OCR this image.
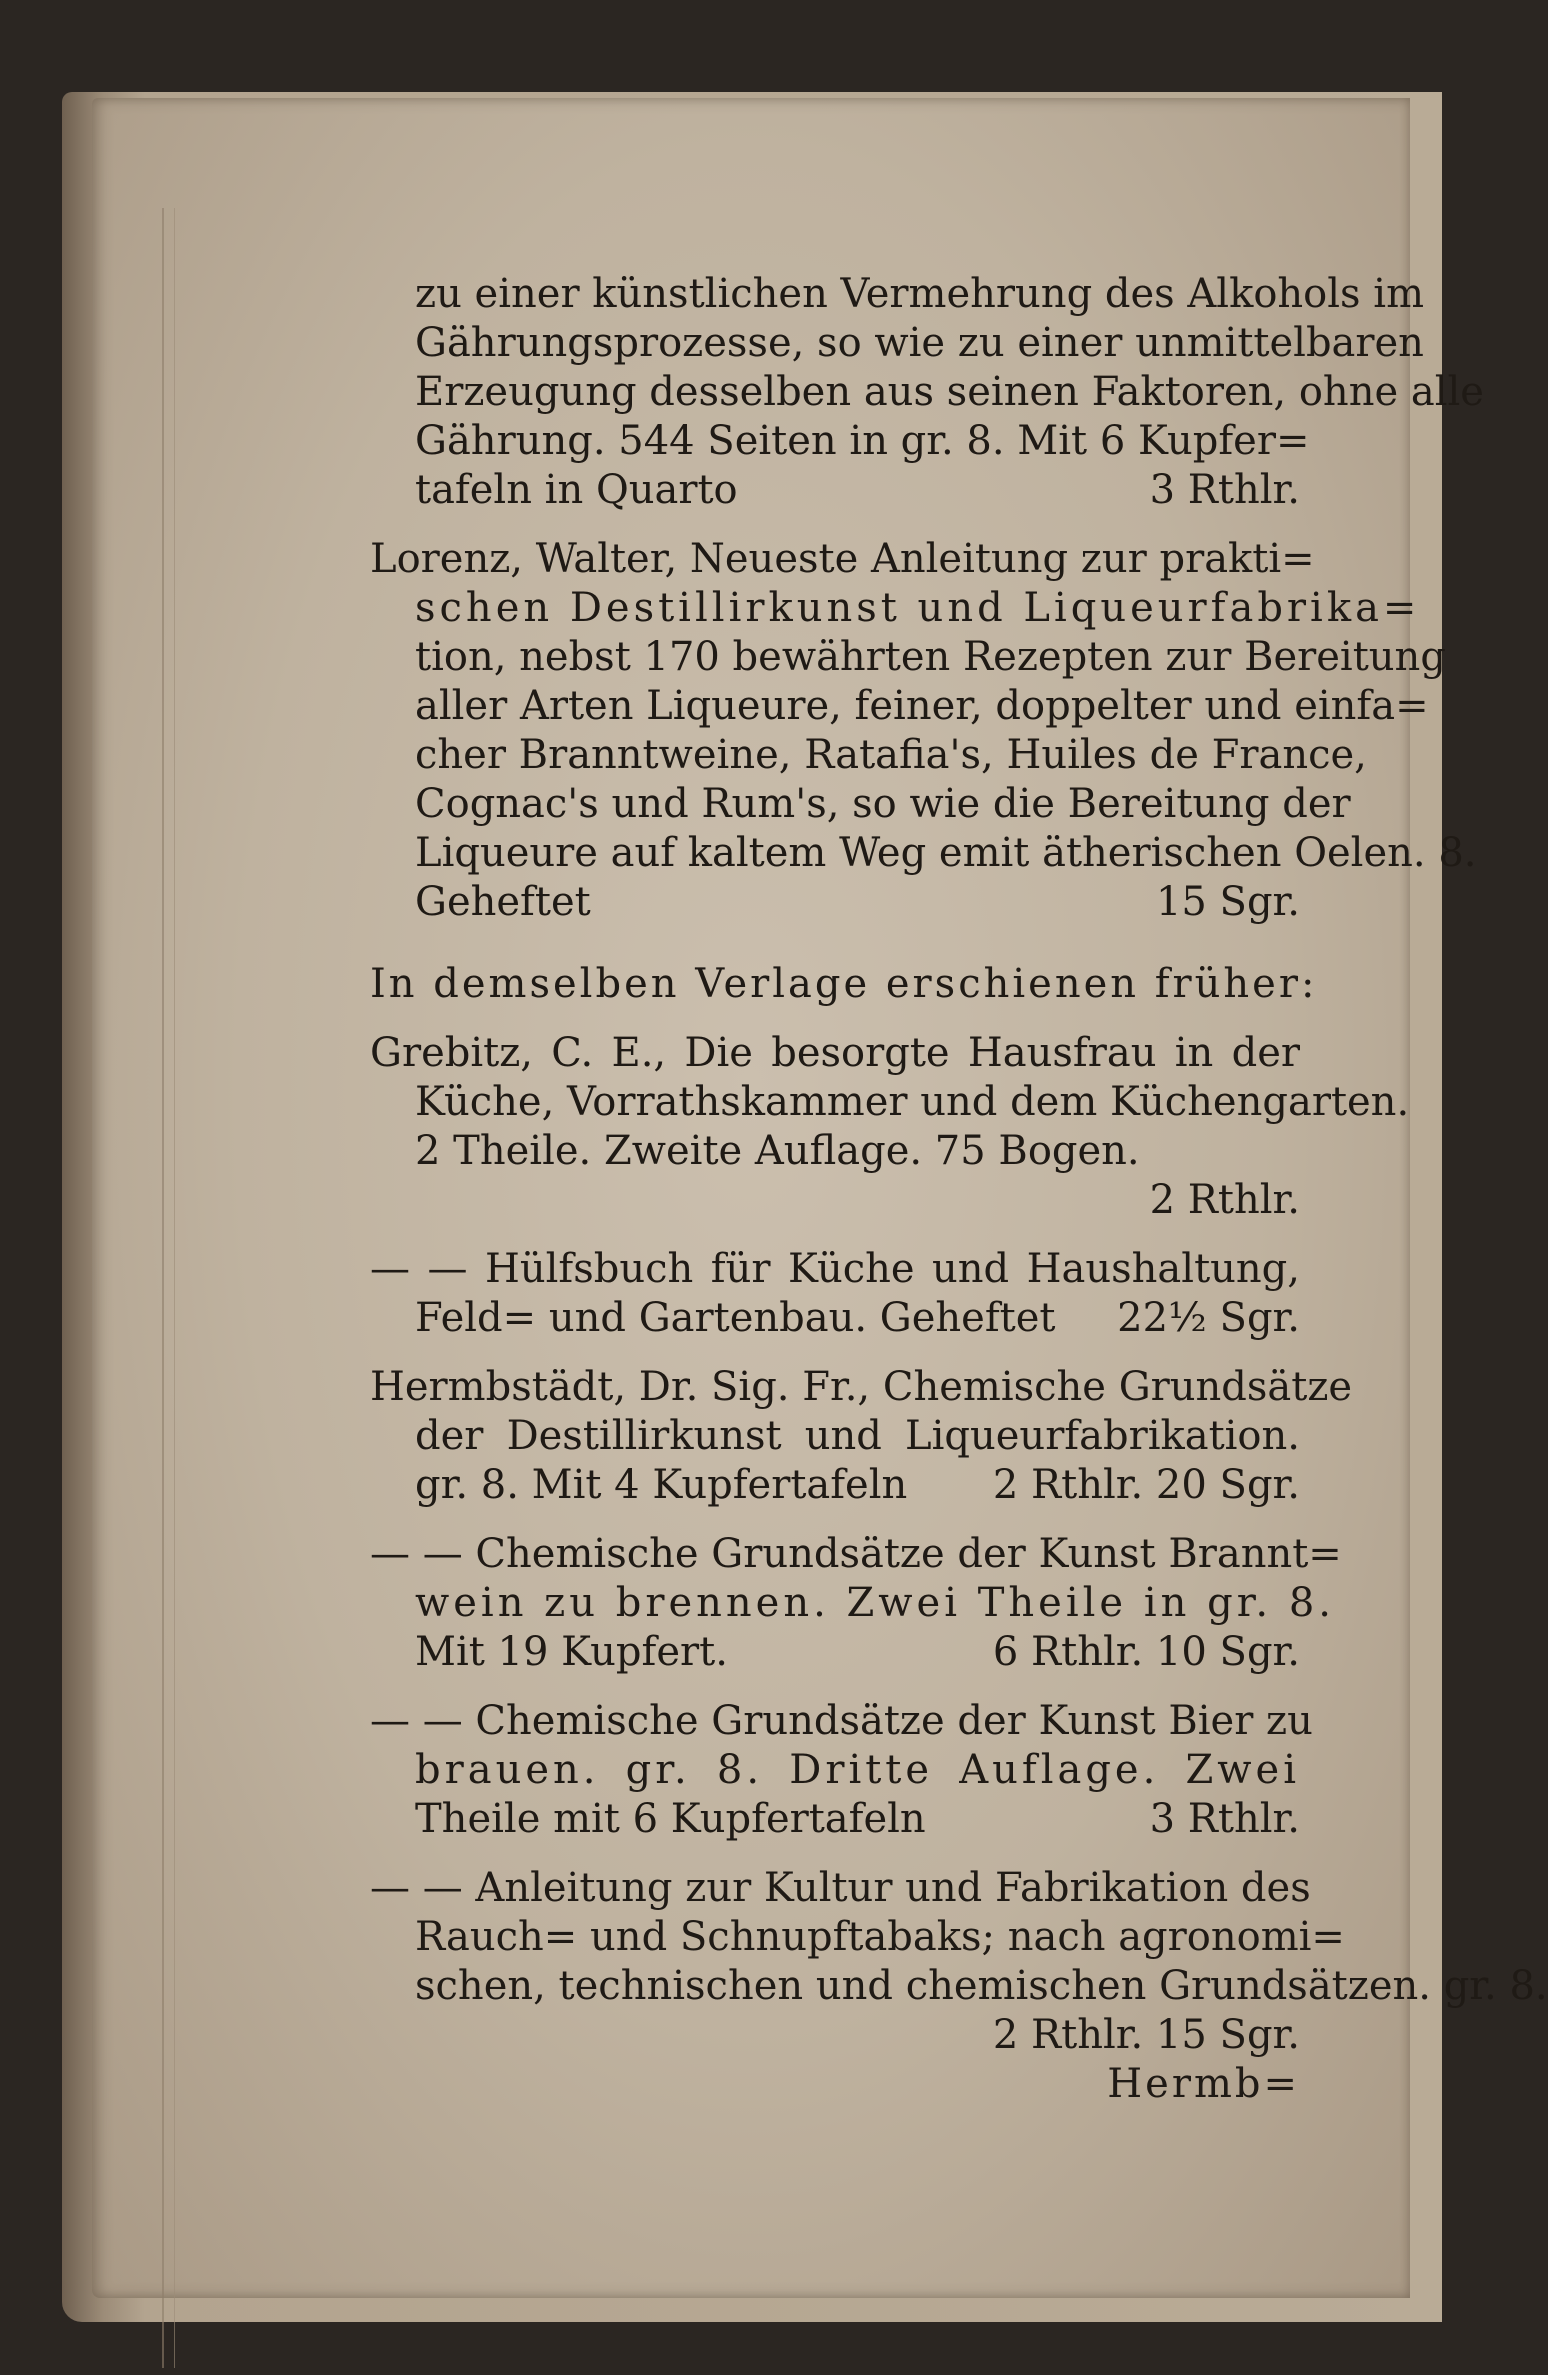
zu einer künstlichen Vermehrung des Alkohols im
Gährungsprozesse, so wie zu einer unmittelbaren
Erzeugung desselben aus seinen Faktoren, ohne alle
Gährung. 544 Seiten in gr. 8. Mit 6 Kupfer=
tafeln in Quarto	3 Rthlr.
Lorenz, Walter, Neueste Anleitung zur prakti=
schen Destillirkunst und Liqueurfabrika=
tion, nebst 170 bewährten Rezepten zur Bereitung
aller Arten Liqueure, feiner, doppelter und einfa=
cher Branntweine, Ratafia's, Huiles de France,
Cognac's und Rum's, so wie die Bereitung der
Liqueure auf kaltem Weg emit ätherischen Oelen. 8.
Geheftet	15 Sgr.
In demselben Verlage erschienen früher:
Grebitz, C. E., Die besorgte Hausfrau in der
Küche, Vorrathskammer und dem Küchengarten.
2 Theile. Zweite Auflage. 75 Bogen.
2 Rthlr.
— — Hülfsbuch für Küche und Haushaltung,
Feld= und Gartenbau. Geheftet 22½ Sgr.
Hermbstädt, Dr. Sig. Fr., Chemische Grundsätze
der Destillirkunst und Liqueurfabrikation.
gr. 8. Mit 4 Kupfertafeln 2 Rthlr. 20 Sgr.
— — Chemische Grundsätze der Kunst Brannt=
wein zu brennen. Zwei Theile in gr. 8.
Mit 19 Kupfert.	6 Rthlr. 10 Sgr.
— — Chemische Grundsätze der Kunst Bier zu
brauen. gr. 8. Dritte Auflage. Zwei
Theile mit 6 Kupfertafeln	3 Rthlr.
— — Anleitung zur Kultur und Fabrikation des
Rauch= und Schnupftabaks; nach agronomi=
schen, technischen und chemischen Grundsätzen. gr. 8.
2 Rthlr. 15 Sgr.
Hermb=
